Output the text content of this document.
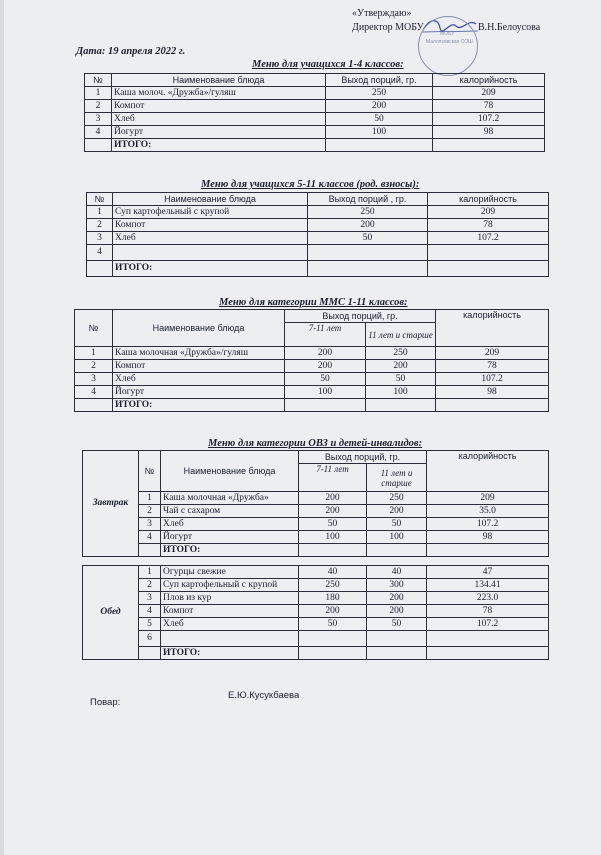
«Утверждаю»
Директор МОБУ	В.Н.Белоусова
МОБУ
Малоязовская СОШ
Дата: 19 апреля 2022 г.
Меню для учащихся 1-4 классов:
№	Наименование блюда	Выход порций, гр.	калорийность
1	Каша молоч. «Дружба»/гуляш	250	209
2	Компот	200	78
3	Хлеб	50	107.2
4	Йогурт	100	98
	ИТОГО:		
Меню для учащихся 5-11 классов (род. взносы):
№	Наименование блюда	Выход порций , гр.	калорийность
1	Суп картофельный с крупой	250	209
2	Компот	200	78
3	Хлеб	50	107.2
4			
	ИТОГО:		
Меню для категории ММС 1-11 классов:
№	Наименование блюда	Выход порций, гр.		калорийность
		7-11 лет	11 лет и старше	
1	Каша молочная «Дружба»/гуляш	200	250	209
2	Компот	200	200	78
3	Хлеб	50	50	107.2
4	Йогурт	100	100	98
	ИТОГО:			
Меню для категории ОВЗ и детей-инвалидов:
Завтрак	№	Наименование блюда	Выход порций, гр.		калорийность
			7-11 лет	11 лет и старше	
	1	Каша молочная «Дружба»	200	250	209
	2	Чай с сахаром	200	200	35.0
	3	Хлеб	50	50	107.2
	4	Йогурт	100	100	98
		ИТОГО:			
Обед	1	Огурцы свежие	40	40	47
	2	Суп картофельный с крупой	250	300	134.41
	3	Плов из кур	180	200	223.0
	4	Компот	200	200	78
	5	Хлеб	50	50	107.2
	6				
		ИТОГО:			
Повар:
Е.Ю.Кусукбаева
